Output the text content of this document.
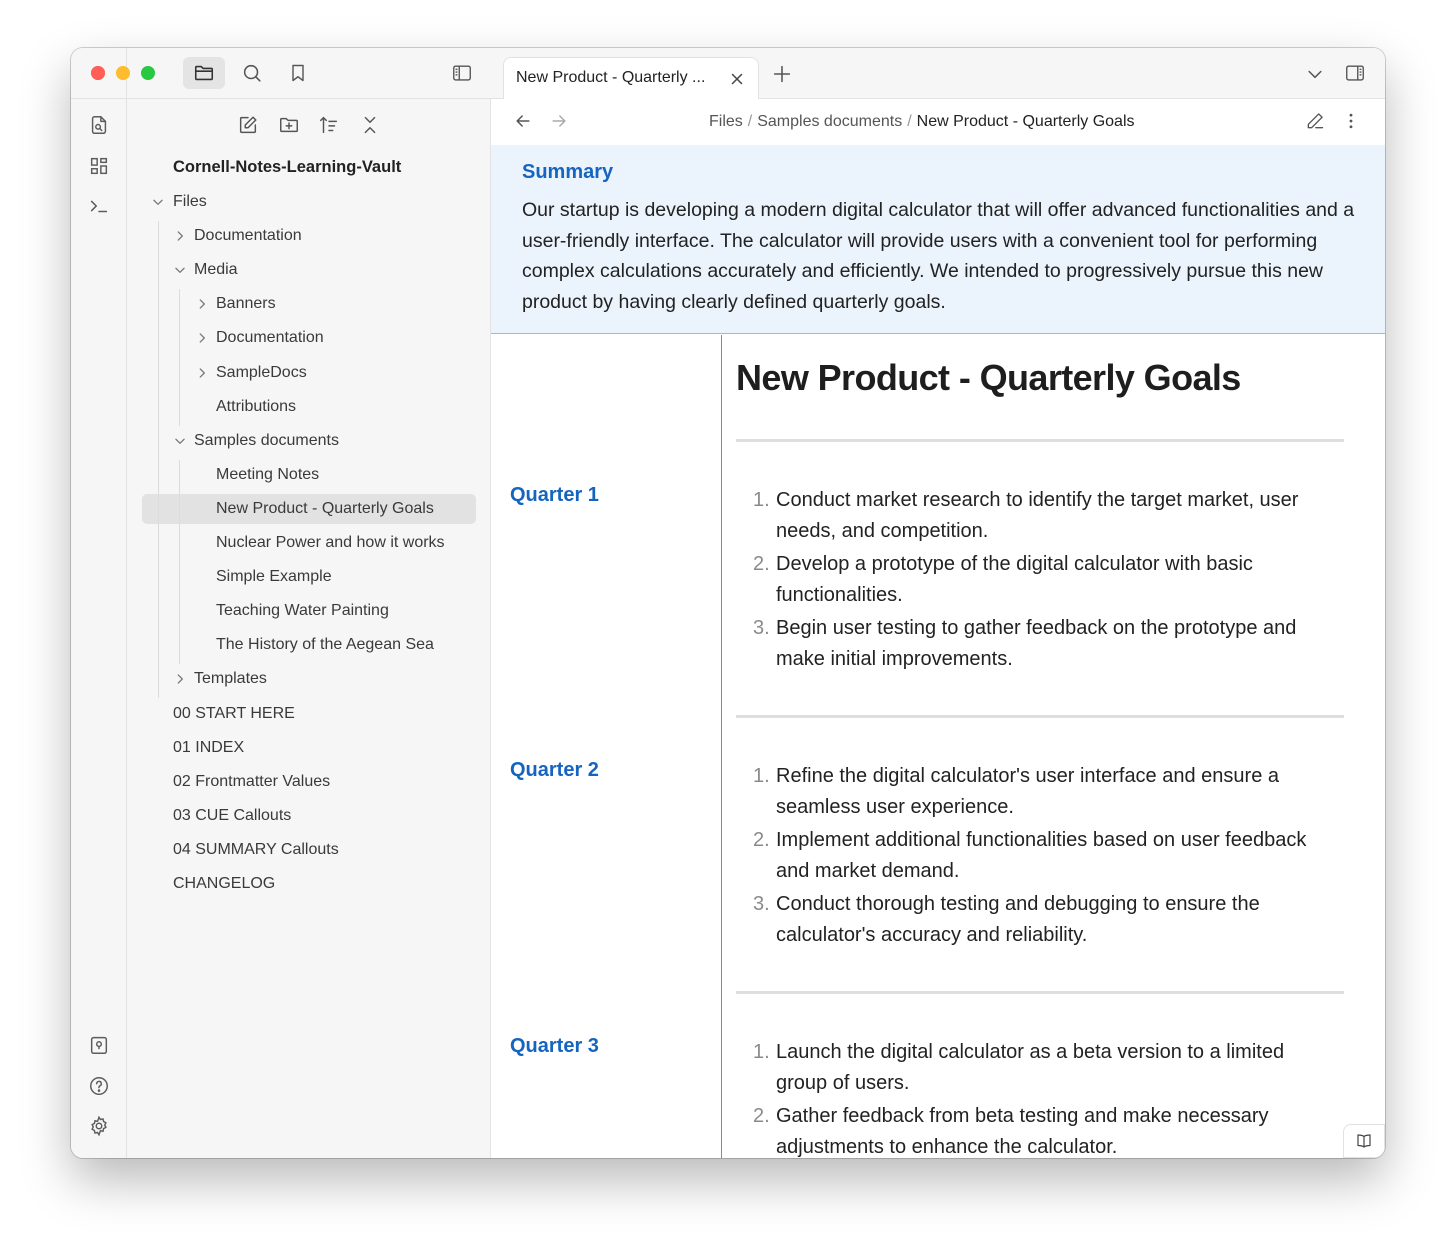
Cornell-Notes-Learning-Vault
New Product - Quarterly ...
Files / Samples documents / New Product - Quarterly Goals
Summary
Our startup is developing a modern digital calculator that will offer advanced functionalities and a user-friendly interface. The calculator will provide users with a convenient tool for performing complex calculations accurately and efficiently. We intended to progressively pursue this new product by having clearly defined quarterly goals.
Quarter 1
Quarter 2
Quarter 3
New Product - Quarterly Goals
1. Conduct market research to identify the target market, user needs, and competition.
2. Develop a prototype of the digital calculator with basic functionalities.
3. Begin user testing to gather feedback on the prototype and make initial improvements.
1. Refine the digital calculator's user interface and ensure a seamless user experience.
2. Implement additional functionalities based on user feedback and market demand.
3. Conduct thorough testing and debugging to ensure the calculator's accuracy and reliability.
1. Launch the digital calculator as a beta version to a limited group of users.
2. Gather feedback from beta testing and make necessary adjustments to enhance the calculator.
Files
Documentation
Media
Banners
Documentation
SampleDocs
Attributions
Samples documents
Meeting Notes
New Product - Quarterly Goals
Nuclear Power and how it works
Simple Example
Teaching Water Painting
The History of the Aegean Sea
Templates
00 START HERE
01 INDEX
02 Frontmatter Values
03 CUE Callouts
04 SUMMARY Callouts
CHANGELOG
